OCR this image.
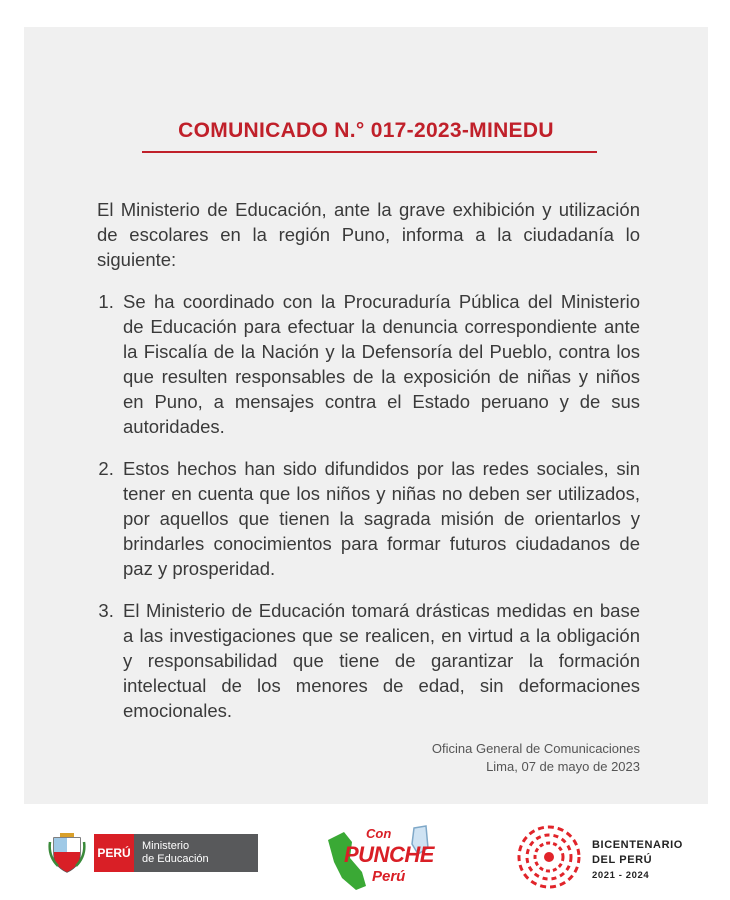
COMUNICADO N.° 017-2023-MINEDU

El Ministerio de Educación, ante la grave exhibición y utilización de escolares en la región Puno, informa a la ciudadanía lo siguiente:

1. Se ha coordinado con la Procuraduría Pública del Ministerio de Educación para efectuar la denuncia correspondiente ante la Fiscalía de la Nación y la Defensoría del Pueblo, contra los que resulten responsables de la exposición de niñas y niños en Puno, a mensajes contra el Estado peruano y de sus autoridades.
2. Estos hechos han sido difundidos por las redes sociales, sin tener en cuenta que los niños y niñas no deben ser utilizados, por aquellos que tienen la sagrada misión de orientarlos y brindarles conocimientos para formar futuros ciudadanos de paz y prosperidad.
3. El Ministerio de Educación tomará drásticas medidas en base a las investigaciones que se realicen, en virtud a la obligación y responsabilidad que tiene de garantizar la formación intelectual de los menores de edad, sin deformaciones emocionales.
Oficina General de Comunicaciones
Lima, 07 de mayo de 2023
PERÚ	Ministerio
de Educación
Con
PUNCHE
Perú
BICENTENARIO
DEL PERÚ
2021 - 2024
